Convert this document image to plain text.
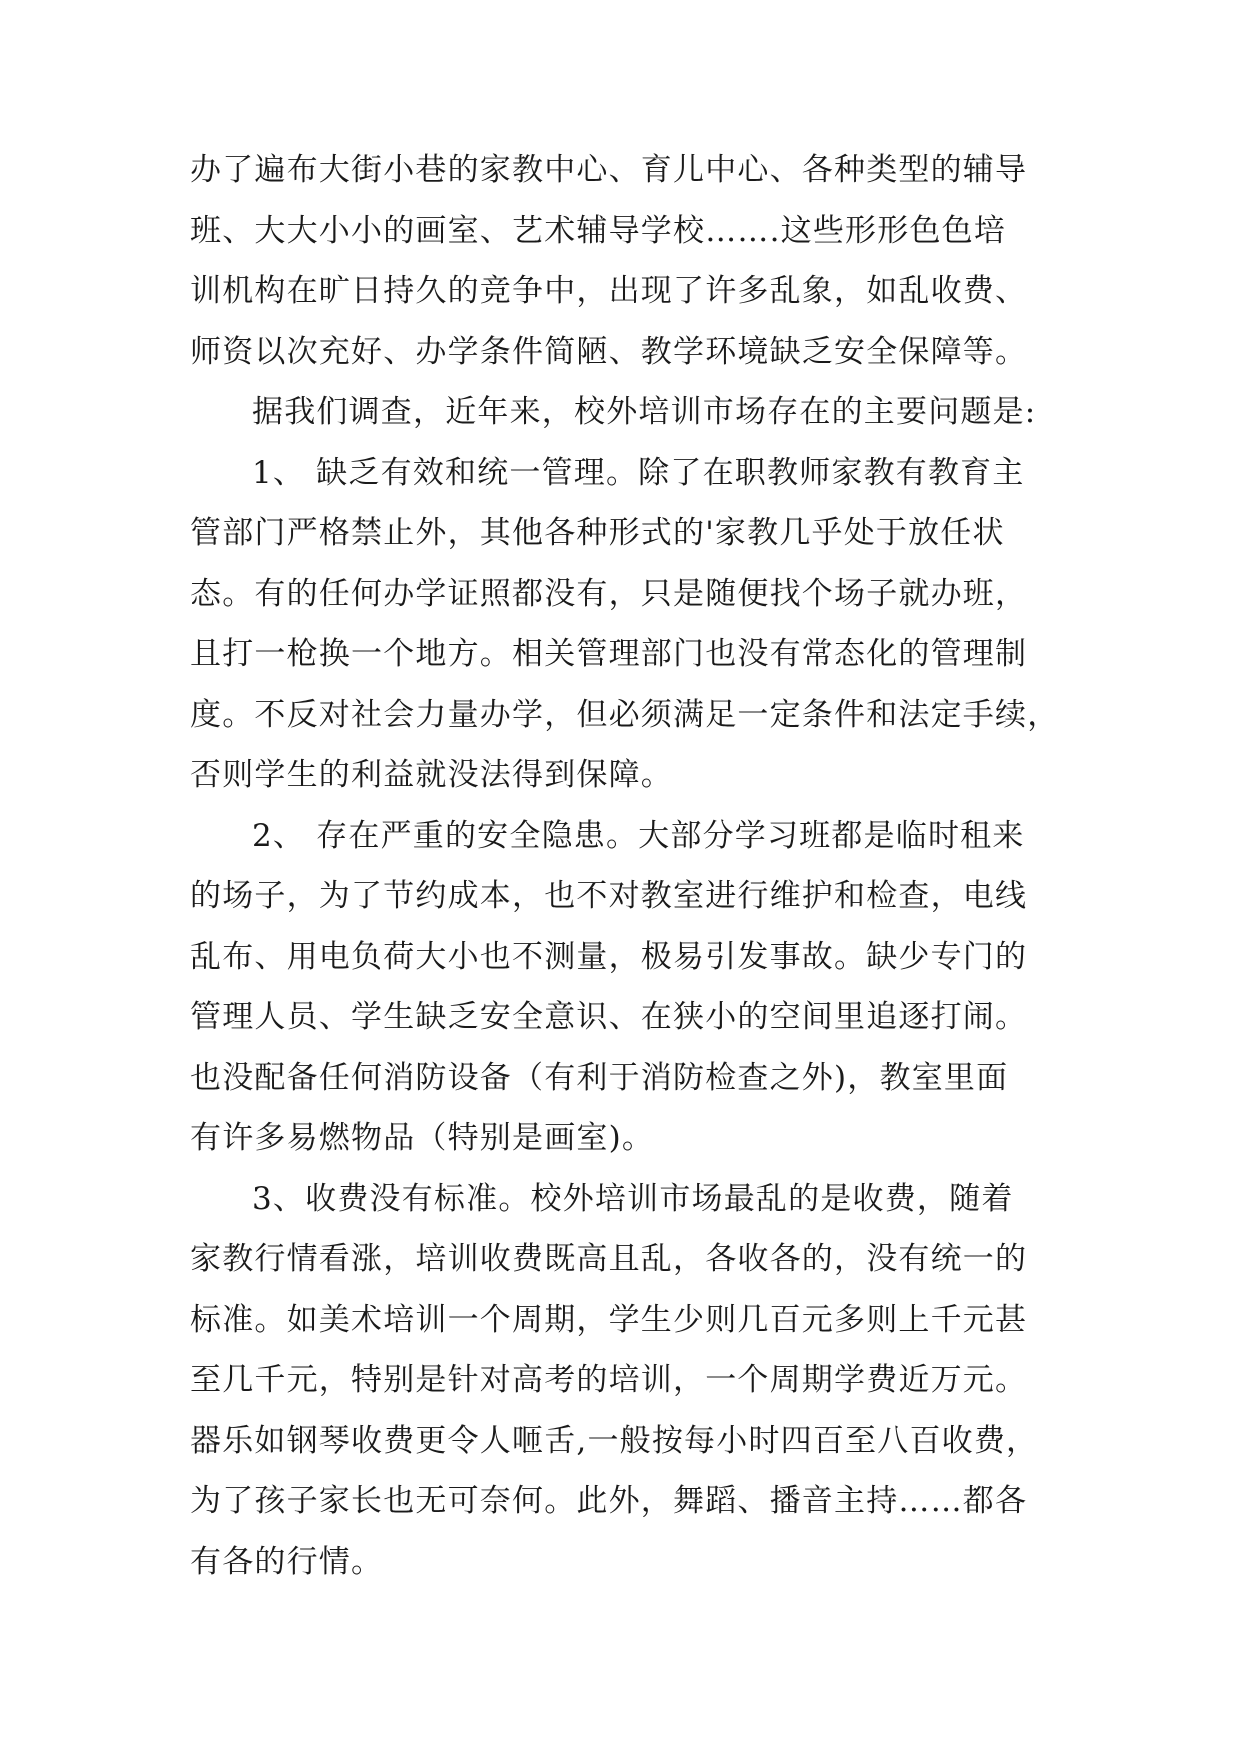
办了遍布大街小巷的家教中心、育儿中心、各种类型的辅导
班、大大小小的画室、艺术辅导学校…….这些形形色色培
训机构在旷日持久的竞争中，出现了许多乱象，如乱收费、
师资以次充好、办学条件简陋、教学环境缺乏安全保障等。
据我们调查，近年来，校外培训市场存在的主要问题是:
1、 缺乏有效和统一管理。除了在职教师家教有教育主
管部门严格禁止外，其他各种形式的'家教几乎处于放任状
态。有的任何办学证照都没有，只是随便找个场子就办班，
且打一枪换一个地方。相关管理部门也没有常态化的管理制
度。不反对社会力量办学，但必须满足一定条件和法定手续，
否则学生的利益就没法得到保障。
2、 存在严重的安全隐患。大部分学习班都是临时租来
的场子，为了节约成本，也不对教室进行维护和检查，电线
乱布、用电负荷大小也不测量，极易引发事故。缺少专门的
管理人员、学生缺乏安全意识、在狭小的空间里追逐打闹。
也没配备任何消防设备（有利于消防检查之外)，教室里面
有许多易燃物品（特别是画室)。
3、收费没有标准。校外培训市场最乱的是收费，随着
家教行情看涨，培训收费既高且乱，各收各的，没有统一的
标准。如美术培训一个周期，学生少则几百元多则上千元甚
至几千元，特别是针对高考的培训，一个周期学费近万元。
器乐如钢琴收费更令人咂舌,一般按每小时四百至八百收费，
为了孩子家长也无可奈何。此外，舞蹈、播音主持……都各
有各的行情。
